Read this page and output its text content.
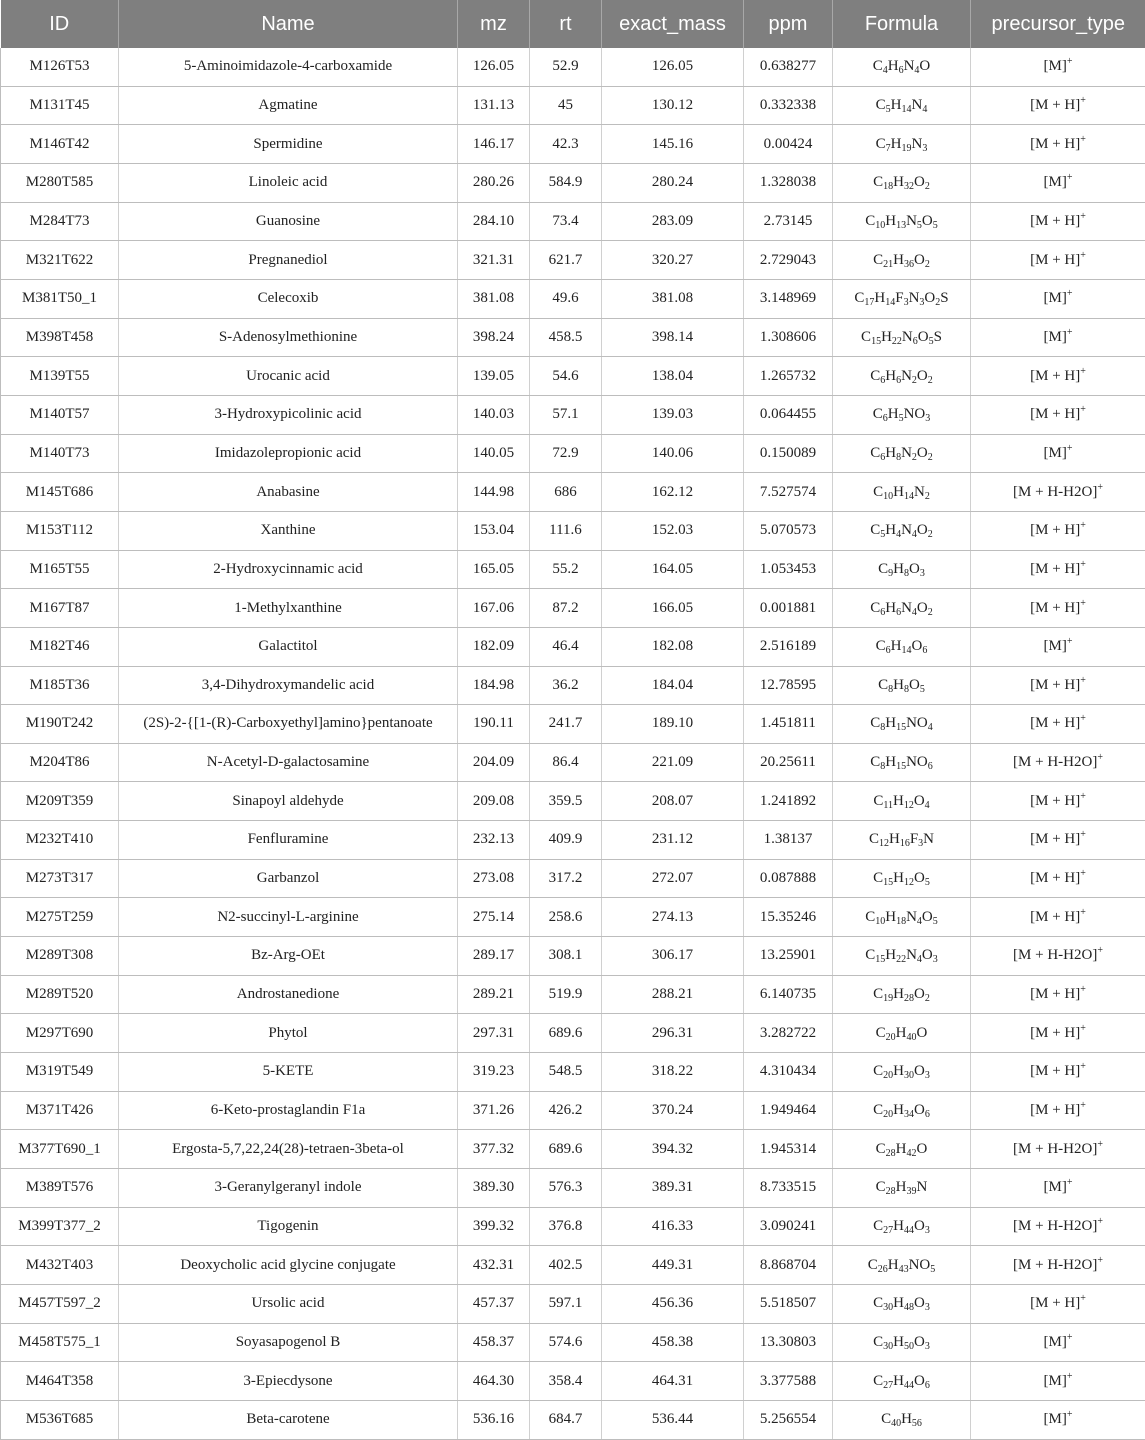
ID	Name	mz	rt	exact_mass	ppm	Formula	precursor_type
M126T53	5-Aminoimidazole-4-carboxamide	126.05	52.9	126.05	0.638277	$C_4H_6N_4O$	[M]+
M131T45	Agmatine	131.13	45	130.12	0.332338	$C_5H_{14}N_4$	[M + H]+
M146T42	Spermidine	146.17	42.3	145.16	0.00424	$C_7H_{19}N_3$	[M + H]+
M280T585	Linoleic acid	280.26	584.9	280.24	1.328038	$C_{18}H_{32}O_2$	[M]+
M284T73	Guanosine	284.10	73.4	283.09	2.73145	$C_{10}H_{13}N_5O_5$	[M + H]+
M321T622	Pregnanediol	321.31	621.7	320.27	2.729043	$C_{21}H_{36}O_2$	[M + H]+
M381T50_1	Celecoxib	381.08	49.6	381.08	3.148969	$C_{17}H_{14}F_3N_3O_2S$	[M]+
M398T458	S-Adenosylmethionine	398.24	458.5	398.14	1.308606	$C_{15}H_{22}N_6O_5S$	[M]+
M139T55	Urocanic acid	139.05	54.6	138.04	1.265732	$C_6H_6N_2O_2$	[M + H]+
M140T57	3-Hydroxypicolinic acid	140.03	57.1	139.03	0.064455	$C_6H_5NO_3$	[M + H]+
M140T73	Imidazolepropionic acid	140.05	72.9	140.06	0.150089	$C_6H_8N_2O_2$	[M]+
M145T686	Anabasine	144.98	686	162.12	7.527574	$C_{10}H_{14}N_2$	[M + H-H2O]+
M153T112	Xanthine	153.04	111.6	152.03	5.070573	$C_5H_4N_4O_2$	[M + H]+
M165T55	2-Hydroxycinnamic acid	165.05	55.2	164.05	1.053453	$C_9H_8O_3$	[M + H]+
M167T87	1-Methylxanthine	167.06	87.2	166.05	0.001881	$C_6H_6N_4O_2$	[M + H]+
M182T46	Galactitol	182.09	46.4	182.08	2.516189	$C_6H_{14}O_6$	[M]+
M185T36	3,4-Dihydroxymandelic acid	184.98	36.2	184.04	12.78595	$C_8H_8O_5$	[M + H]+
M190T242	(2S)-2-{[1-(R)-Carboxyethyl]amino}pentanoate	190.11	241.7	189.10	1.451811	$C_8H_{15}NO_4$	[M + H]+
M204T86	N-Acetyl-D-galactosamine	204.09	86.4	221.09	20.25611	$C_8H_{15}NO_6$	[M + H-H2O]+
M209T359	Sinapoyl aldehyde	209.08	359.5	208.07	1.241892	$C_{11}H_{12}O_4$	[M + H]+
M232T410	Fenfluramine	232.13	409.9	231.12	1.38137	$C_{12}H_{16}F_3N$	[M + H]+
M273T317	Garbanzol	273.08	317.2	272.07	0.087888	$C_{15}H_{12}O_5$	[M + H]+
M275T259	N2-succinyl-L-arginine	275.14	258.6	274.13	15.35246	$C_{10}H_{18}N_4O_5$	[M + H]+
M289T308	Bz-Arg-OEt	289.17	308.1	306.17	13.25901	$C_{15}H_{22}N_4O_3$	[M + H-H2O]+
M289T520	Androstanedione	289.21	519.9	288.21	6.140735	$C_{19}H_{28}O_2$	[M + H]+
M297T690	Phytol	297.31	689.6	296.31	3.282722	$C_{20}H_{40}O$	[M + H]+
M319T549	5-KETE	319.23	548.5	318.22	4.310434	$C_{20}H_{30}O_3$	[M + H]+
M371T426	6-Keto-prostaglandin F1a	371.26	426.2	370.24	1.949464	$C_{20}H_{34}O_6$	[M + H]+
M377T690_1	Ergosta-5,7,22,24(28)-tetraen-3beta-ol	377.32	689.6	394.32	1.945314	$C_{28}H_{42}O$	[M + H-H2O]+
M389T576	3-Geranylgeranyl indole	389.30	576.3	389.31	8.733515	$C_{28}H_{39}N$	[M]+
M399T377_2	Tigogenin	399.32	376.8	416.33	3.090241	$C_{27}H_{44}O_3$	[M + H-H2O]+
M432T403	Deoxycholic acid glycine conjugate	432.31	402.5	449.31	8.868704	$C_{26}H_{43}NO_5$	[M + H-H2O]+
M457T597_2	Ursolic acid	457.37	597.1	456.36	5.518507	$C_{30}H_{48}O_3$	[M + H]+
M458T575_1	Soyasapogenol B	458.37	574.6	458.38	13.30803	$C_{30}H_{50}O_3$	[M]+
M464T358	3-Epiecdysone	464.30	358.4	464.31	3.377588	$C_{27}H_{44}O_6$	[M]+
M536T685	Beta-carotene	536.16	684.7	536.44	5.256554	$C_{40}H_{56}$	[M]+
